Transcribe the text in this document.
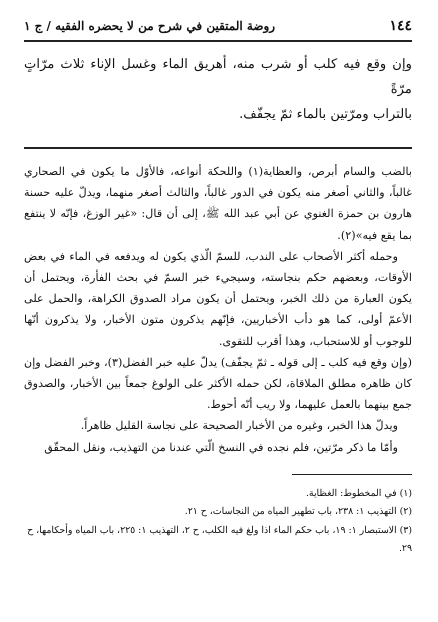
١٤٤
روضة المتقين في شرح من لا يحضره الفقيه / ج ١

وإن وقع فيه كلب أو شرب منه، أهريق الماء وغسل الإناء ثلاث مرّاتٍ مرّةً

بالتراب ومرّتين بالماء ثمّ يجفّف.

بالضب والسام أبرص، والعظاية(١) واللحكة أنواعه، فالأوّل ما يكون في الصحاري غالباً، والثاني أصغر منه يكون في الدور غالباً، والثالث أصغر منهما، ويدلّ عليه حسنة هارون بن حمزة الغنوي عن أبي عبد الله ﷺ، إلى أن قال: «غير الوزغ، فإنّه لا ينتفع بما يقع فيه»(٢).

وحمله أكثر الأصحاب على الندب، للسمّ الّذي يكون له ويدفعه في الماء في بعض الأوقات، وبعضهم حكم بنجاسته، وسيجيء خبر السمّ في بحث الفأرة، ويحتمل أن يكون العبارة من ذلك الخبر، ويحتمل أن يكون مراد الصدوق الكراهة، والحمل على الأعمّ أولى، كما هو دأب الأخباريين، فإنّهم يذكرون متون الأخبار، ولا يذكرون أنّها للوجوب أو للاستحباب، وهذا أقرب للتقوى.

(وإن وقع فيه كلب ـ إلى قوله ـ ثمّ يجفّف) يدلّ عليه خبر الفضل(٣)، وخبر الفضل وإن كان ظاهره مطلق الملاقاة، لكن حمله الأكثر على الولوغ جمعاً بين الأخبار، والصدوق جمع بينهما بالعمل عليهما، ولا ريب أنّه أحوط.

ويدلّ هذا الخبر، وغيره من الأخبار الصحيحة على نجاسة القليل ظاهراً.

وأمّا ما ذكر مرّتين، فلم نجده في النسخ الّتي عندنا من التهذيب، ونقل المحقّق

(١) في المخطوط: الغظاية.

(٢) التهذيب ١: ٢٣٨، باب تطهير المياه من النجاسات، ح ٢١.

(٣) الاستبصار ١: ١٩، باب حكم الماء اذا ولغ فيه الكلب، ح ٢، التهذيب ١: ٢٢٥، باب المياه وأحكامها، ح ٢٩.
